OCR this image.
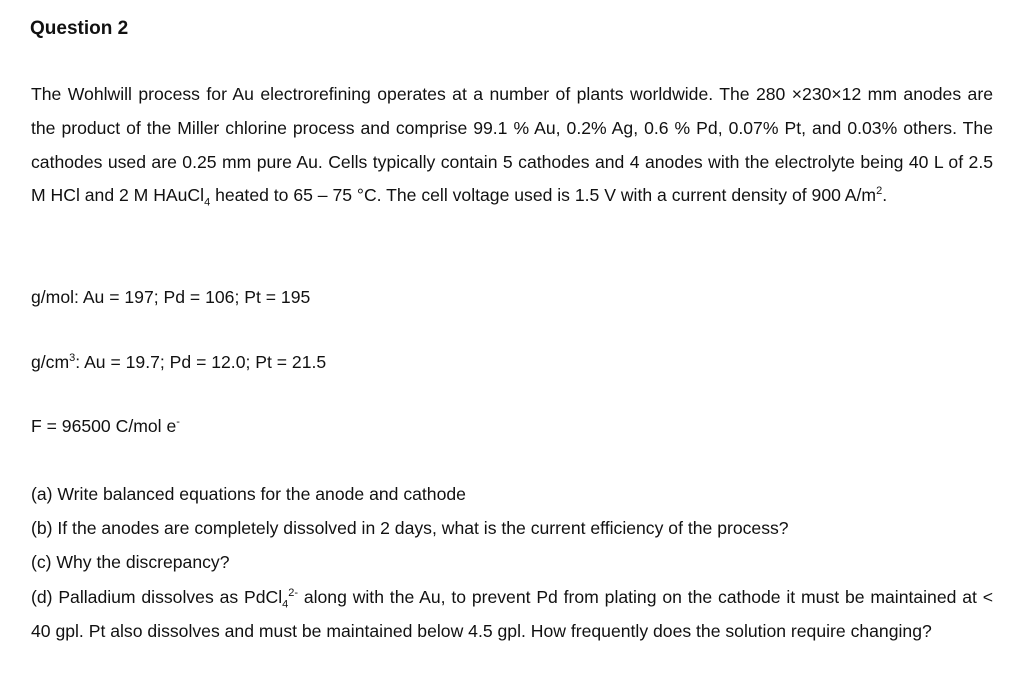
Question 2

The Wohlwill process for Au electrorefining operates at a number of plants worldwide. The 280 ×230×12 mm anodes are the product of the Miller chlorine process and comprise 99.1 % Au, 0.2% Ag, 0.6 % Pd, 0.07% Pt, and 0.03% others. The cathodes used are 0.25 mm pure Au. Cells typically contain 5 cathodes and 4 anodes with the electrolyte being 40 L of 2.5 M HCl and 2 M HAuCl$_4$ heated to 65 – 75 °C. The cell voltage used is 1.5 V with a current density of 900 $A/m^2$.

g/mol: Au = 197; Pd = 106; Pt = 195
$g/cm^3$: Au = 19.7; Pd = 12.0; Pt = 21.5
F = 96500 C/mol e-
(a) Write balanced equations for the anode and cathode
(b) If the anodes are completely dissolved in 2 days, what is the current efficiency of the process?
(c) Why the discrepancy?
(d) Palladium dissolves as PdCl$_4^{2-}$ along with the Au, to prevent Pd from plating on the cathode it must be maintained at < 40 gpl. Pt also dissolves and must be maintained below 4.5 gpl. How frequently does the solution require changing?
